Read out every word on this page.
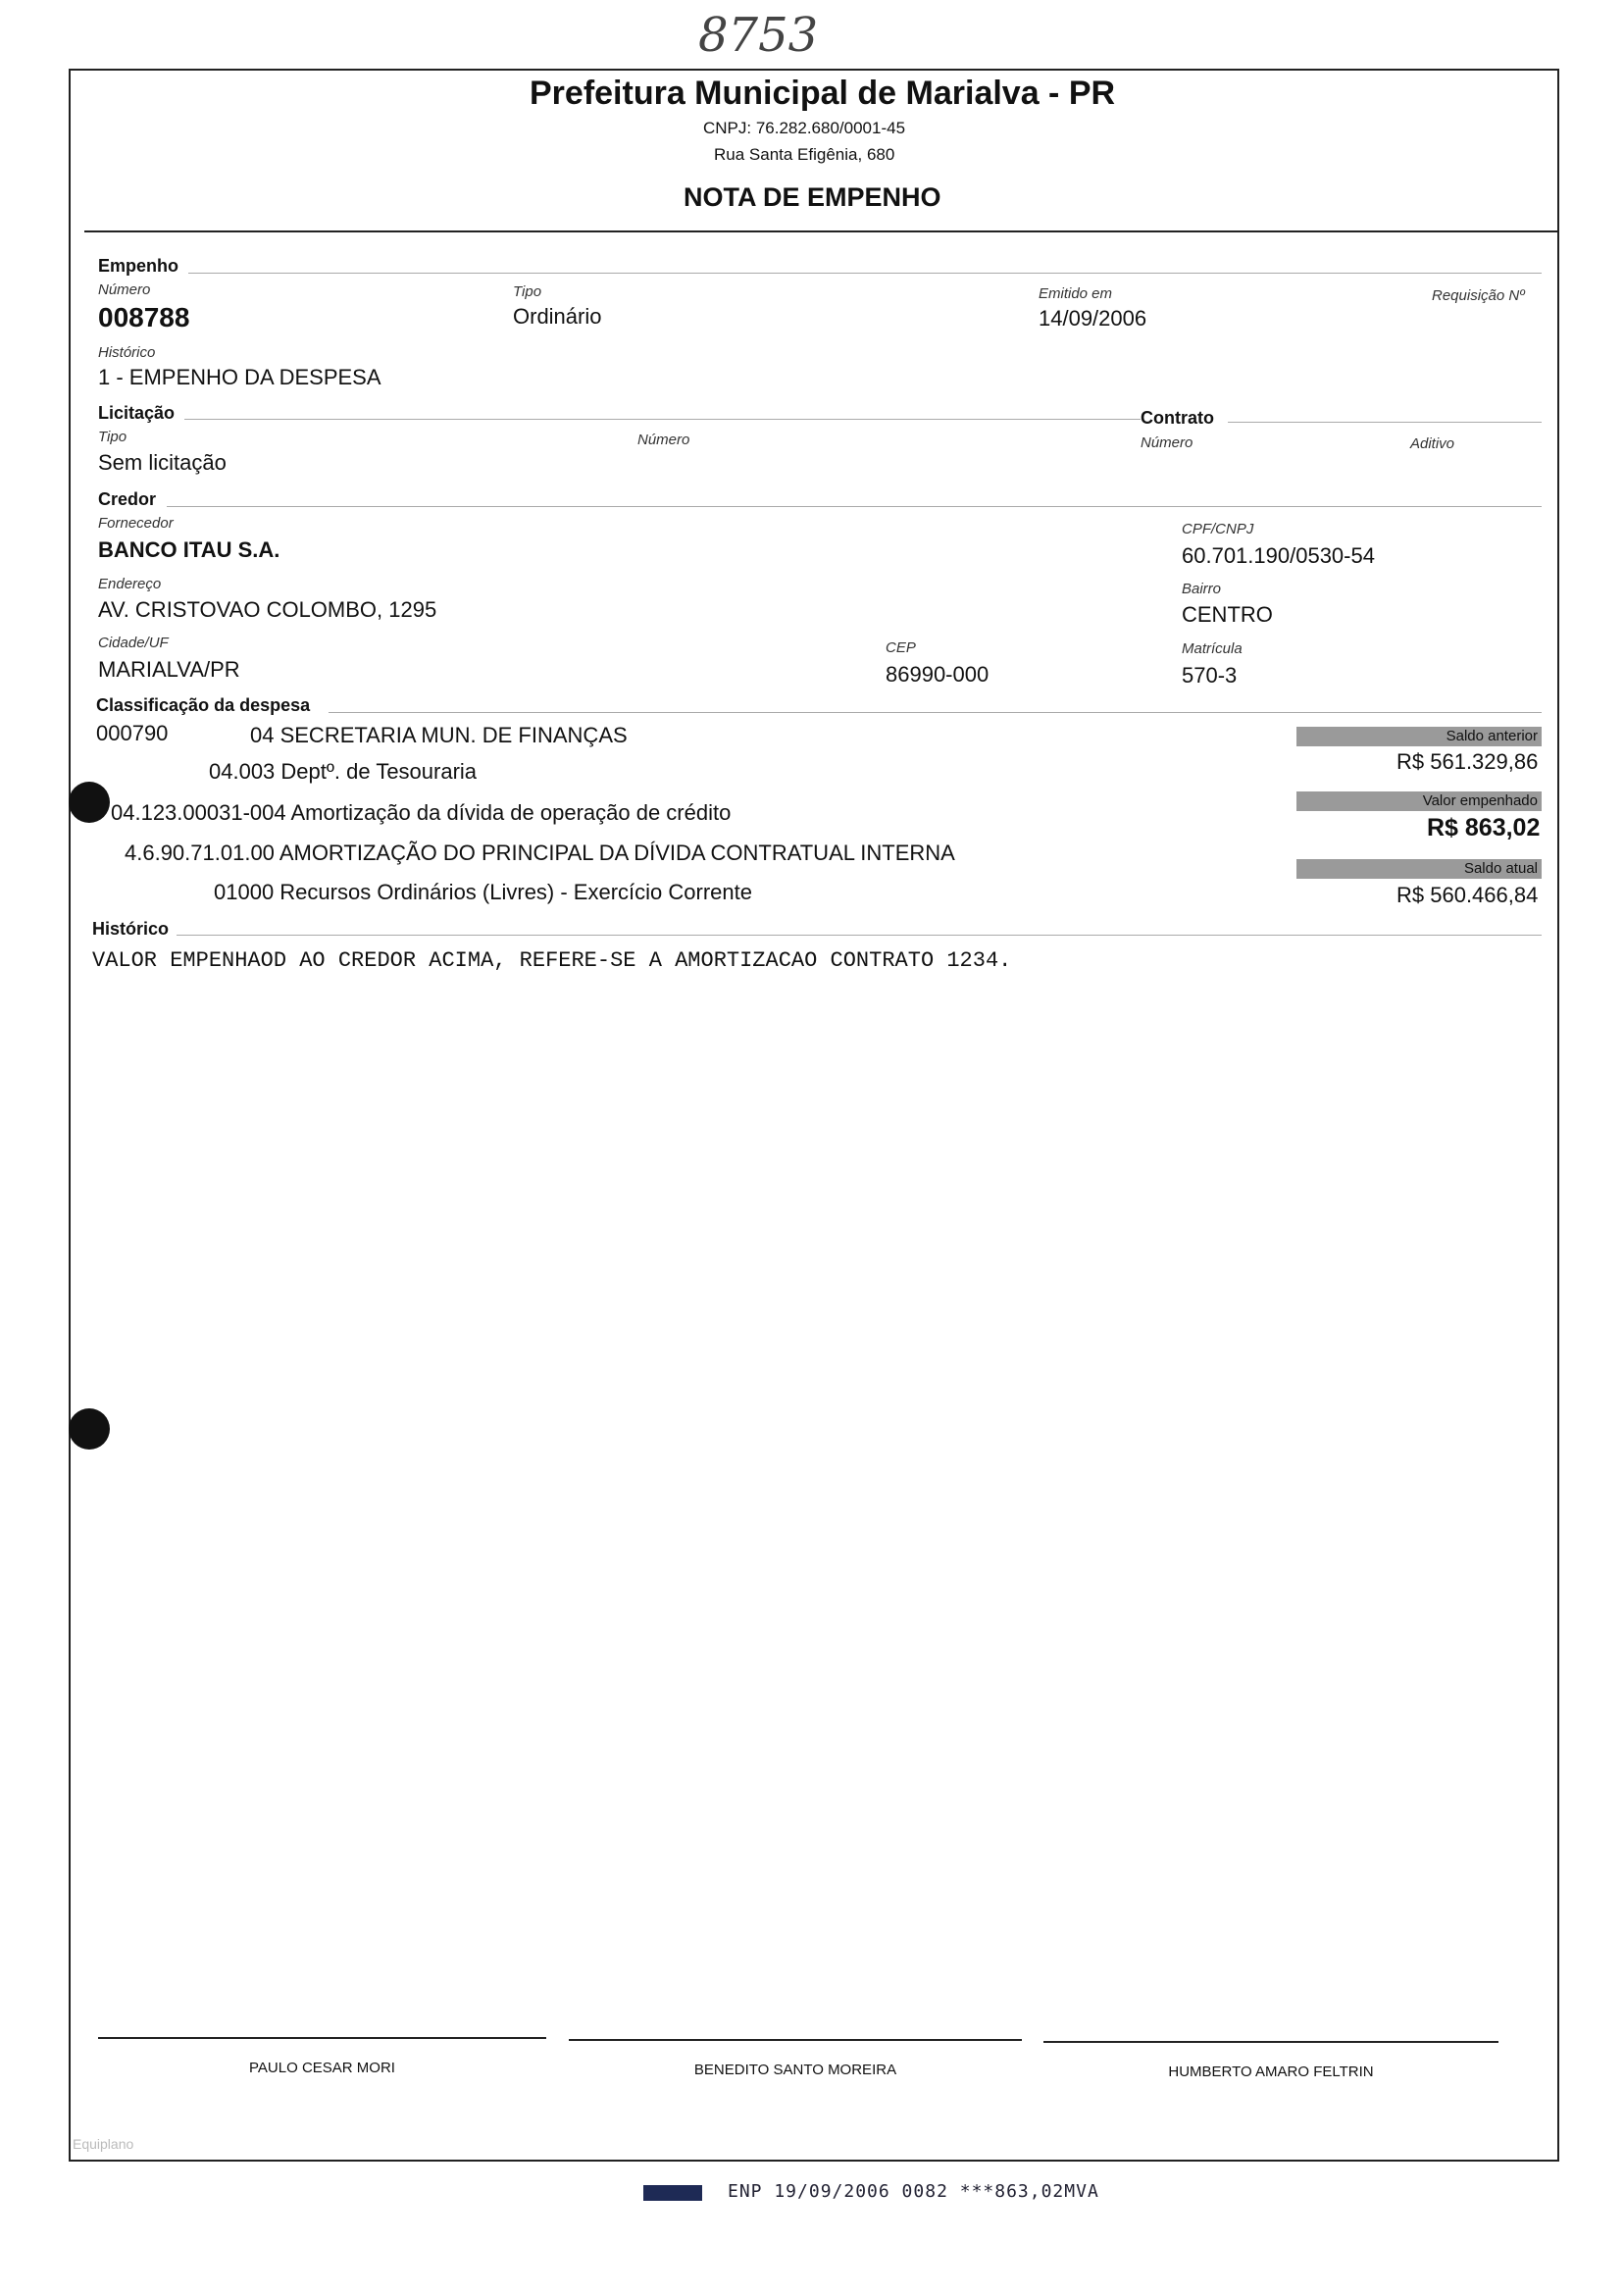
8753
Prefeitura Municipal de Marialva - PR
CNPJ: 76.282.680/0001-45
Rua Santa Efigênia, 680
NOTA DE EMPENHO
Empenho
Número
008788
Tipo
Ordinário
Emitido em
14/09/2006
Requisição Nº
Histórico
1 - EMPENHO DA DESPESA
Licitação
Tipo
Sem licitação
Número
Contrato
Número	Aditivo
Credor
Fornecedor
BANCO ITAU S.A.
CPF/CNPJ
60.701.190/0530-54
Endereço
AV. CRISTOVAO COLOMBO, 1295
Bairro
CENTRO
Cidade/UF
MARIALVA/PR
CEP
86990-000
Matrícula
570-3
Classificação da despesa
000790	04 SECRETARIA MUN. DE FINANÇAS
04.003 Deptº. de Tesouraria
04.123.00031-004 Amortização da dívida de operação de crédito
4.6.90.71.01.00 AMORTIZAÇÃO DO PRINCIPAL DA DÍVIDA CONTRATUAL INTERNA
01000 Recursos Ordinários (Livres) - Exercício Corrente
Saldo anterior
R$ 561.329,86
Valor empenhado
R$ 863,02
Saldo atual
R$ 560.466,84
Histórico
VALOR EMPENHAOD AO CREDOR ACIMA, REFERE-SE A AMORTIZACAO CONTRATO 1234.
PAULO CESAR MORI	BENEDITO SANTO MOREIRA	HUMBERTO AMARO FELTRIN
Equiplano
ENP 19/09/2006 0082 ***863,02MVA
